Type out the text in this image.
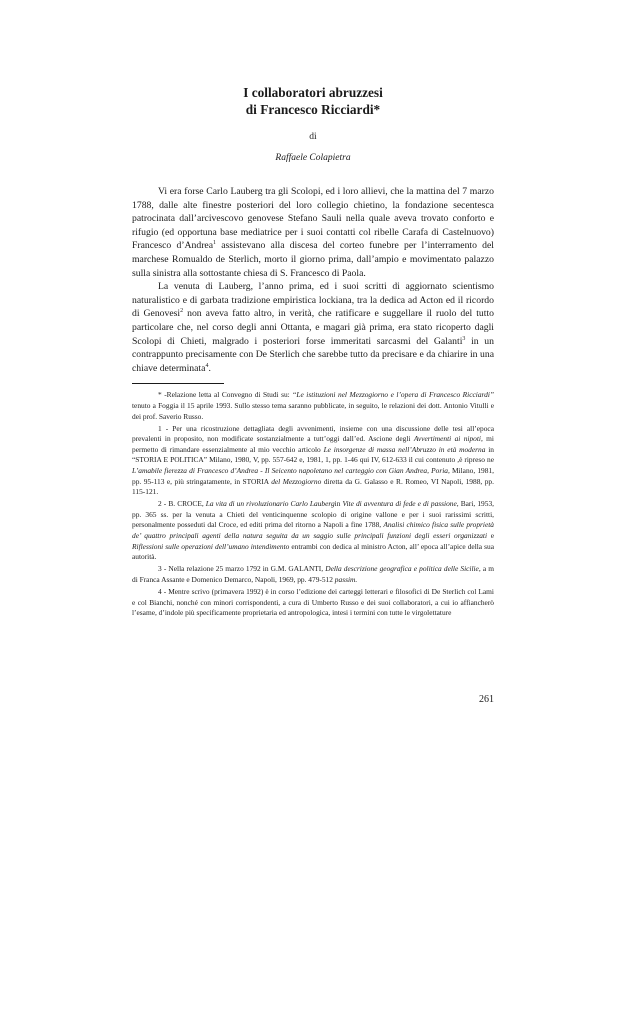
I collaboratori abruzzesi
di Francesco Ricciardi*
di
Raffaele Colapietra

Vi era forse Carlo Lauberg tra gli Scolopi, ed i loro allievi, che la mattina del 7 marzo 1788, dalle alte finestre posteriori del loro collegio chietino, la fondazione secentesca patrocinata dall’arcivescovo genovese Stefano Sauli nella quale aveva trovato conforto e rifugio (ed opportuna base mediatrice per i suoi contatti col ribelle Carafa di Castelnuovo) Francesco d’Andrea$^1$ assistevano alla discesa del corteo funebre per l’interramento del marchese Romualdo de Sterlich, morto il giorno prima, dall’ampio e movimentato palazzo sulla sinistra alla sottostante chiesa di S. Francesco di Paola.

La venuta di Lauberg, l’anno prima, ed i suoi scritti di aggiornato scientismo naturalistico e di garbata tradizione empiristica lockiana, tra la dedica ad Acton ed il ricordo di Genovesi$^2$ non aveva fatto altro, in verità, che ratificare e suggellare il ruolo del tutto particolare che, nel corso degli anni Ottanta, e magari già prima, era stato ricoperto dagli Scolopi di Chieti, malgrado i posteriori forse immeritati sarcasmi del Galanti$^3$ in un contrappunto precisamente con De Sterlich che sarebbe tutto da precisare e da chiarire in una chiave determinata$^4$.

* -Relazione letta al Convegno di Studi su: “Le istituzioni nel Mezzogiorno e l’opera di Francesco Ricciardi” tenuto a Foggia il 15 aprile 1993. Sullo stesso tema saranno pubblicate, in seguito, le relazioni dei dott. Antonio Vitulli e dei prof. Saverio Russo.

1 - Per una ricostruzione dettagliata degli avvenimenti, insieme con una discussione delle tesi all’epoca prevalenti in proposito, non modificate sostanzialmente a tutt’oggi dall’ed. Ascione degli Avvertimenti ai nipoti, mi permetto di rimandare essenzialmente al mio vecchio articolo Le insorgenze di massa nell’Abruzzo in età moderna in “STORIA E POLITICA” Milano, 1980, V, pp. 557-642 e, 1981, 1, pp. 1-46 qui IV, 612-633 il cui contenuto ,è ripreso ne L’amabile fierezza di Francesco d’Andrea - Il Seicento napoletano nel carteggio con Gian Andrea, Poria, Milano, 1981, pp. 95-113 e, più stringatamente, in STORIA del Mezzogiorno diretta da G. Galasso e R. Romeo, VI Napoli, 1988, pp. 115-121.

2 - B. CROCE, La vita di un rivoluzionario Carlo Laubergin Vite di avventura di fede e di passione, Bari, 1953, pp. 365 ss. per la venuta a Chieti del venticinquenne scolopio di origine vallone e per i suoi rarissimi scritti, personalmente posseduti dal Croce, ed editi prima del ritorno a Napoli a fine 1788, Analisi chimico fisica sulle proprietà de’ quattro principali agenti della natura seguita da un saggio sulle principali funzioni degli esseri organizzati e Riflessioni sulle operazioni dell’umano intendimento entrambi con dedica al ministro Acton, all’ epoca all’apice della sua autorità.

3 - Nella relazione 25 marzo 1792 in G.M. GALANTI, Della descrizione geografica e politica delle Sicilie, a m di Franca Assante e Domenico Demarco, Napoli, 1969, pp. 479-512 passim.

4 - Mentre scrivo (primavera 1992) è in corso l’edizione dei carteggi letterari e filosofici di De Sterlich col Lami e col Bianchi, nonché con minori corrispondenti, a cura di Umberto Russo e dei suoi collaboratori, a cui io affiancherò l’esame, d’indole più specificamente proprietaria ed antropologica, intesi i termini con tutte le virgolettature

261
